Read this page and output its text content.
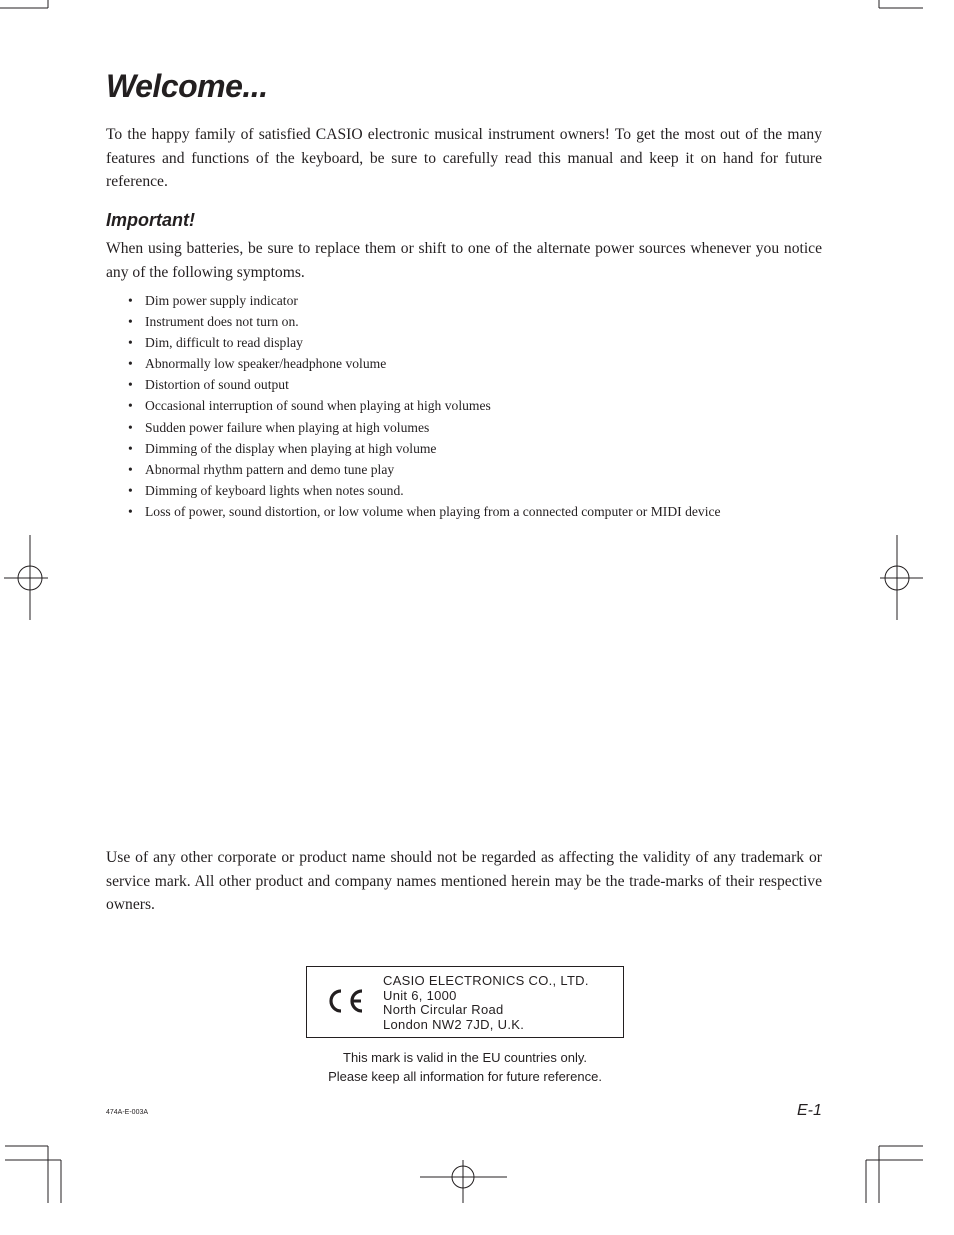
Welcome...

To the happy family of satisfied CASIO electronic musical instrument owners! To get the most out of the many features and functions of the keyboard, be sure to carefully read this manual and keep it on hand for future reference.

Important!

When using batteries, be sure to replace them or shift to one of the alternate power sources whenever you notice any of the following symptoms.

• Dim power supply indicator
• Instrument does not turn on.
• Dim, difficult to read display
• Abnormally low speaker/headphone volume
• Distortion of sound output
• Occasional interruption of sound when playing at high volumes
• Sudden power failure when playing at high volumes
• Dimming of the display when playing at high volume
• Abnormal rhythm pattern and demo tune play
• Dimming of keyboard lights when notes sound.
• Loss of power, sound distortion, or low volume when playing from a connected computer or MIDI device

Use of any other corporate or product name should not be regarded as affecting the validity of any trademark or service mark. All other product and company names mentioned herein may be the trade-marks of their respective owners.

CASIO ELECTRONICS CO., LTD.
Unit 6, 1000
North Circular Road
London NW2 7JD, U.K.
This mark is valid in the EU countries only.
Please keep all information for future reference.
474A-E-003A	E-1
